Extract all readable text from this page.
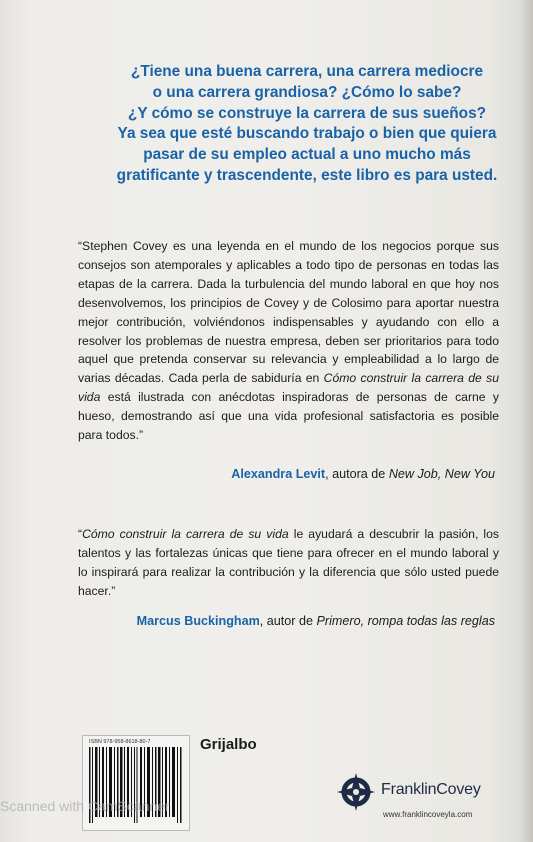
¿Tiene una buena carrera, una carrera mediocre
o una carrera grandiosa? ¿Cómo lo sabe?
¿Y cómo se construye la carrera de sus sueños?
Ya sea que esté buscando trabajo o bien que quiera
pasar de su empleo actual a uno mucho más
gratificante y trascendente, este libro es para usted.

“Stephen Covey es una leyenda en el mundo de los negocios porque sus consejos son atemporales y aplicables a todo tipo de personas en todas las etapas de la carrera. Dada la turbulencia del mundo laboral en que hoy nos desenvolvemos, los principios de Covey y de Colosimo para aportar nuestra mejor contribución, volviéndonos indispensables y ayudando con ello a resolver los problemas de nuestra empresa, deben ser prioritarios para todo aquel que pretenda conservar su relevancia y empleabilidad a lo largo de varias décadas. Cada perla de sabiduría en Cómo construir la carrera de su vida está ilustrada con anécdotas inspiradoras de personas de carne y hueso, demostrando así que una vida profesional satisfactoria es posible para todos.”

Alexandra Levit, autora de New Job, New You

“Cómo construir la carrera de su vida le ayudará a descubrir la pasión, los talentos y las fortalezas únicas que tiene para ofrecer en el mundo laboral y lo inspirará para realizar la contribución y la diferencia que sólo usted puede hacer.”

Marcus Buckingham, autor de Primero, rompa todas las reglas
ISBN 978-958-8618-80-7	Grijalbo
FranklinCovey
www.franklincoveyla.com
Scanned with CamScanner
